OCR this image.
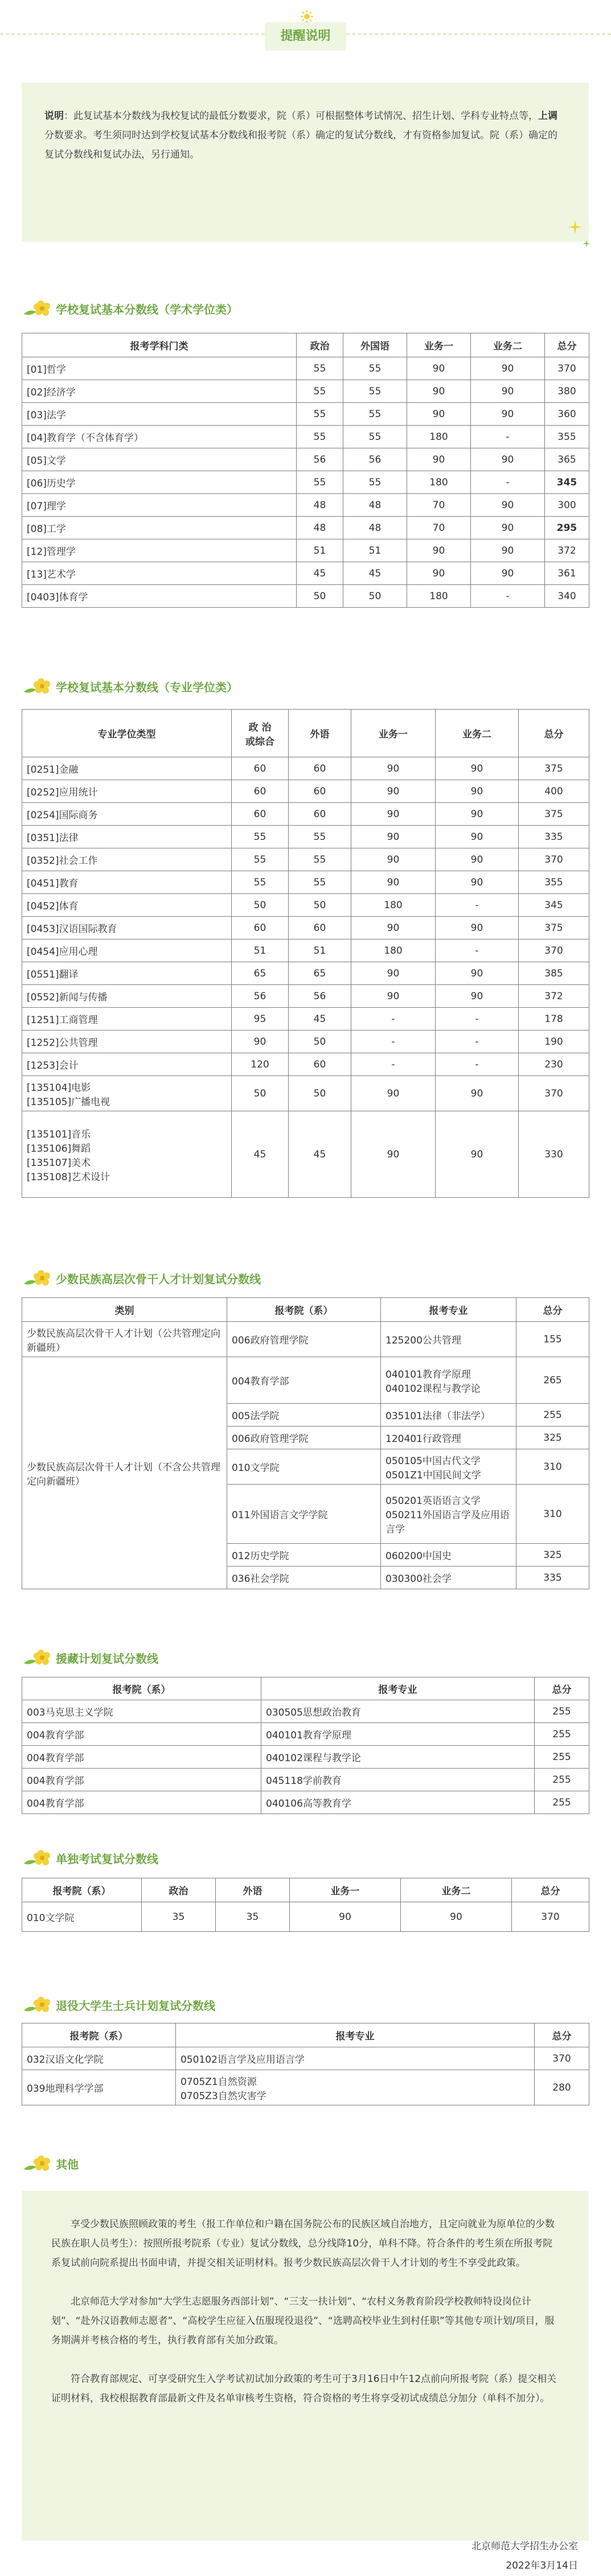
提醒说明
说明：此复试基本分数线为我校复试的最低分数要求，院（系）可根据整体考试情况、招生计划、学科专业特点等，上调分数要求。考生须同时达到学校复试基本分数线和报考院（系）确定的复试分数线，才有资格参加复试。院（系）确定的复试分数线和复试办法，另行通知。
学校复试基本分数线（学术学位类）
报考学科门类	政治	外国语	业务一	业务二	总分
[01]哲学	55	55	90	90	370
[02]经济学	55	55	90	90	380
[03]法学	55	55	90	90	360
[04]教育学（不含体育学）	55	55	180	-	355
[05]文学	56	56	90	90	365
[06]历史学	55	55	180	-	345
[07]理学	48	48	70	90	300
[08]工学	48	48	70	90	295
[12]管理学	51	51	90	90	372
[13]艺术学	45	45	90	90	361
[0403]体育学	50	50	180	-	340
学校复试基本分数线（专业学位类）
专业学位类型	政 治
或综合	外语	业务一	业务二	总分
[0251]金融	60	60	90	90	375
[0252]应用统计	60	60	90	90	400
[0254]国际商务	60	60	90	90	375
[0351]法律	55	55	90	90	335
[0352]社会工作	55	55	90	90	370
[0451]教育	55	55	90	90	355
[0452]体育	50	50	180	-	345
[0453]汉语国际教育	60	60	90	90	375
[0454]应用心理	51	51	180	-	370
[0551]翻译	65	65	90	90	385
[0552]新闻与传播	56	56	90	90	372
[1251]工商管理	95	45	-	-	178
[1252]公共管理	90	50	-	-	190
[1253]会计	120	60	-	-	230
[135104]电影
[135105]广播电视	50	50	90	90	370
[135101]音乐
[135106]舞蹈
[135107]美术
[135108]艺术设计	45	45	90	90	330
少数民族高层次骨干人才计划复试分数线
类别	报考院（系）	报考专业	总分
少数民族高层次骨干人才计划（公共管理定向新疆班）	006政府管理学院	125200公共管理	155
少数民族高层次骨干人才计划（不含公共管理定向新疆班）	004教育学部	040101教育学原理
040102课程与教学论	265
	005法学院	035101法律（非法学）	255
	006政府管理学院	120401行政管理	325
	010文学院	050105中国古代文学
0501Z1中国民间文学	310
	011外国语言文学学院	050201英语语言文学
050211外国语言学及应用语言学	310
	012历史学院	060200中国史	325
	036社会学院	030300社会学	335
援藏计划复试分数线
报考院（系）	报考专业	总分
003马克思主义学院	030505思想政治教育	255
004教育学部	040101教育学原理	255
004教育学部	040102课程与教学论	255
004教育学部	045118学前教育	255
004教育学部	040106高等教育学	255
单独考试复试分数线
报考院（系）	政治	外语	业务一	业务二	总分
010文学院	35	35	90	90	370
退役大学生士兵计划复试分数线
报考院（系）	报考专业	总分
032汉语文化学院	050102语言学及应用语言学	370
039地理科学学部	0705Z1自然资源
0705Z3自然灾害学	280
其他

享受少数民族照顾政策的考生（报工作单位和户籍在国务院公布的民族区域自治地方，且定向就业为原单位的少数民族在职人员考生）：按照所报考院系（专业）复试分数线，总分线降10分，单科不降。符合条件的考生须在所报考院系复试前向院系提出书面申请，并提交相关证明材料。报考少数民族高层次骨干人才计划的考生不享受此政策。

北京师范大学对参加“大学生志愿服务西部计划”、“三支一扶计划”、“农村义务教育阶段学校教师特设岗位计划”、“赴外汉语教师志愿者”、“高校学生应征入伍服现役退役”、“选聘高校毕业生到村任职”等其他专项计划/项目，服务期满并考核合格的考生，执行教育部有关加分政策。

符合教育部规定、可享受研究生入学考试初试加分政策的考生可于3月16日中午12点前向所报考院（系）提交相关证明材料，我校根据教育部最新文件及名单审核考生资格，符合资格的考生将享受初试成绩总分加分（单科不加分）。

北京师范大学招生办公室
2022年3月14日
